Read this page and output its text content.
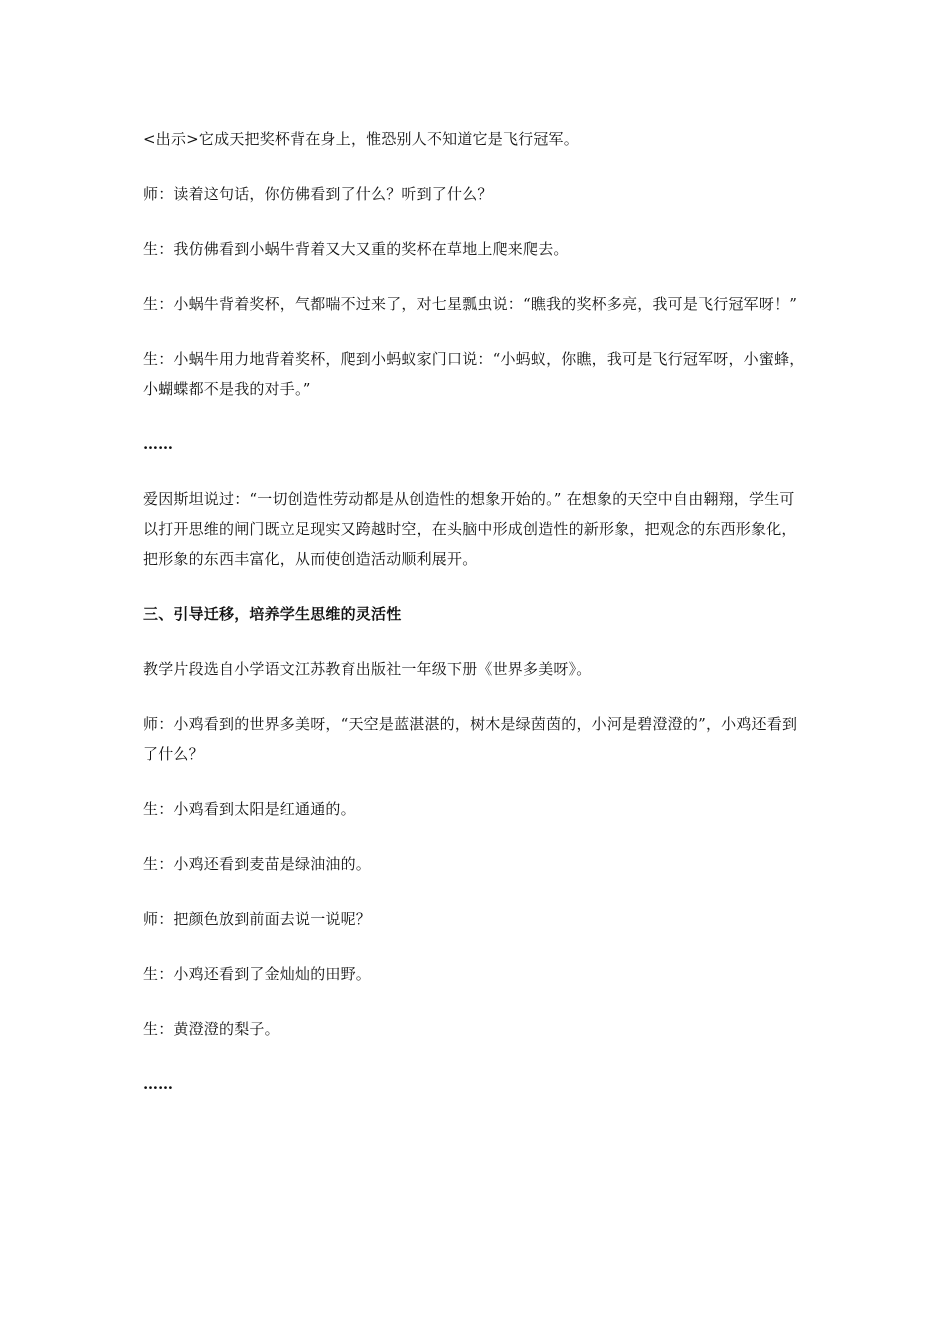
<出示>它成天把奖杯背在身上，惟恐别人不知道它是飞行冠军。

师：读着这句话，你仿佛看到了什么？听到了什么？

生：我仿佛看到小蜗牛背着又大又重的奖杯在草地上爬来爬去。

生：小蜗牛背着奖杯，气都喘不过来了，对七星瓢虫说：“瞧我的奖杯多亮，我可是飞行冠军呀！”

生：小蜗牛用力地背着奖杯，爬到小蚂蚁家门口说：“小蚂蚁，你瞧，我可是飞行冠军呀，小蜜蜂，小蝴蝶都不是我的对手。”

……

爱因斯坦说过：“一切创造性劳动都是从创造性的想象开始的。” 在想象的天空中自由翱翔，学生可以打开思维的闸门既立足现实又跨越时空，在头脑中形成创造性的新形象，把观念的东西形象化，把形象的东西丰富化，从而使创造活动顺利展开。

三、引导迁移，培养学生思维的灵活性

教学片段选自小学语文江苏教育出版社一年级下册《世界多美呀》。

师：小鸡看到的世界多美呀，“天空是蓝湛湛的，树木是绿茵茵的，小河是碧澄澄的”，小鸡还看到了什么？

生：小鸡看到太阳是红通通的。

生：小鸡还看到麦苗是绿油油的。

师：把颜色放到前面去说一说呢？

生：小鸡还看到了金灿灿的田野。

生：黄澄澄的梨子。

……
